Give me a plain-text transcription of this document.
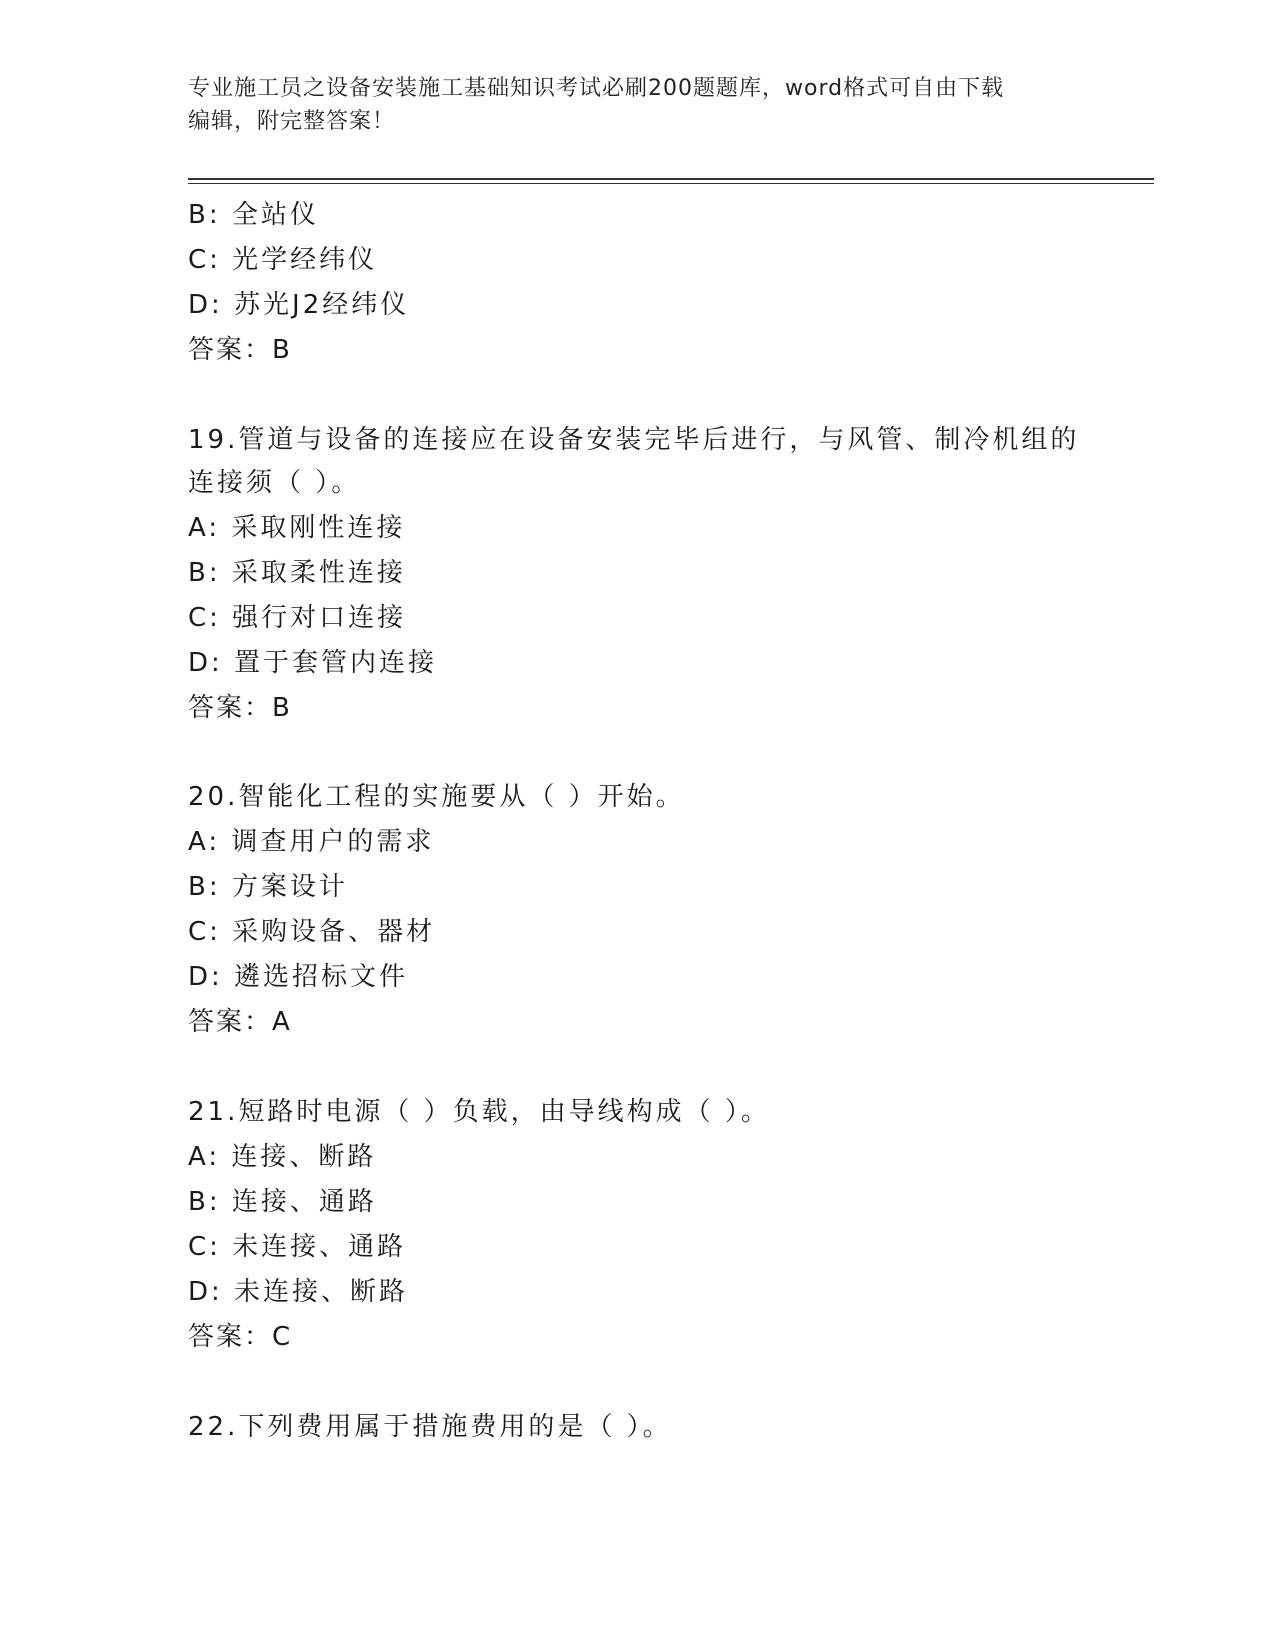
专业施工员之设备安装施工基础知识考试必刷200题题库，word格式可自由下载
编辑，附完整答案！
B: 全站仪
C: 光学经纬仪
D: 苏光J2经纬仪
答案：B
19.管道与设备的连接应在设备安装完毕后进行，与风管、制冷机组的
连接须（ ）。
A: 采取刚性连接
B: 采取柔性连接
C: 强行对口连接
D: 置于套管内连接
答案：B
20.智能化工程的实施要从（ ）开始。
A: 调查用户的需求
B: 方案设计
C: 采购设备、器材
D: 遴选招标文件
答案：A
21.短路时电源（ ）负载，由导线构成（ ）。
A: 连接、断路
B: 连接、通路
C: 未连接、通路
D: 未连接、断路
答案：C
22.下列费用属于措施费用的是（ ）。
